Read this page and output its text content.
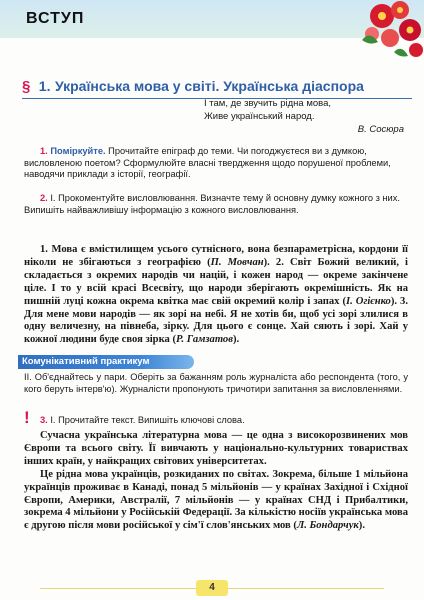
ВСТУП
§ 1. Українська мова у світі. Українська діаспора
І там, де звучить рідна мова,
Живе український народ.
В. Сосюра
1. Поміркуйте. Прочитайте епіграф до теми. Чи погоджуєтеся ви з думкою, висловленою поетом? Сформулюйте власні твердження щодо порушеної проблеми, наводячи приклади з історії, географії.
2. І. Прокоментуйте висловлювання. Визначте тему й основну думку кожного з них. Випишіть найважливішу інформацію з кожного висловлювання.
1. Мова є вмістилищем усього сутнісного, вона безпараметрісна, кордони її ніколи не збігаються з географією (П. Мовчан). 2. Світ Божий великий, і складається з окремих народів чи націй, і кожен народ — окреме закінчене ціле. І то у всій красі Всесвіту, що народи зберігають окремішність. Як на пишній луці кожна окрема квітка має свій окремий колір і запах (І. Огієнко). 3. Для мене мови народів — як зорі на небі. Я не хотів би, щоб усі зорі злилися в одну величезну, на півнеба, зірку. Для цього є сонце. Хай сяють і зорі. Хай у кожної людини буде своя зірка (Р. Гамзатов).
Комунікативний практикум
ІІ. Об'єднайтесь у пари. Оберіть за бажанням роль журналіста або респондента (того, у кого беруть інтерв'ю). Журналісти пропонують тричотири запитання за висловленнями.
! 3. І. Прочитайте текст. Випишіть ключові слова.

Сучасна українська літературна мова — це одна з високорозвинених мов Європи та всього світу. Її вивчають у національно-культурних товариствах інших країн, у найкращих світових університетах.

Це рідна мова українців, розкиданих по світах. Зокрема, більше 1 мільйона українців проживає в Канаді, понад 5 мільйонів — у країнах Західної і Східної Європи, Америки, Австралії, 7 мільйонів — у країнах СНД і Прибалтики, зокрема 4 мільйони у Російській Федерації. За кількістю носіїв українська мова є другою після мови російської у сім'ї слов'янських мов (Л. Бондарчук).

4
